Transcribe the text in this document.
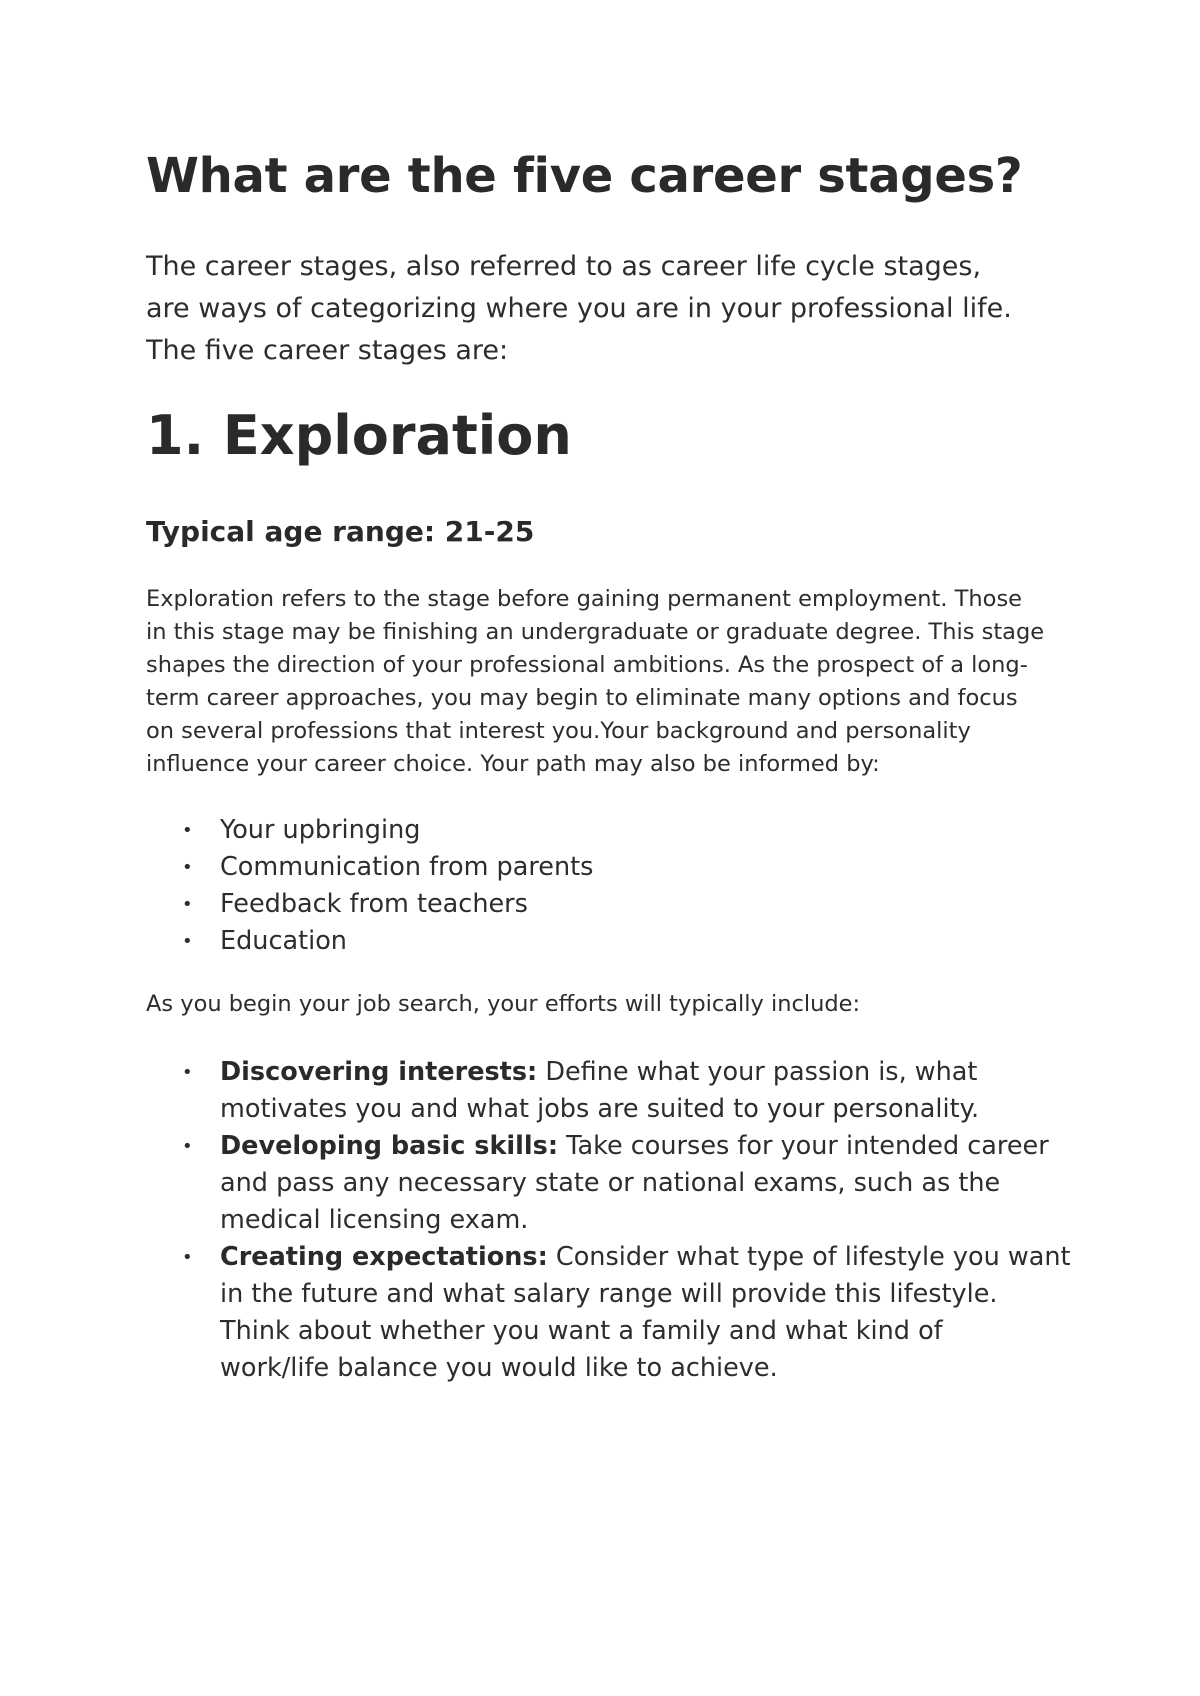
What are the five career stages?

The career stages, also referred to as career life cycle stages,
are ways of categorizing where you are in your professional life.
The five career stages are:

1. Exploration
Typical age range: 21-25

Exploration refers to the stage before gaining permanent employment. Those
in this stage may be finishing an undergraduate or graduate degree. This stage
shapes the direction of your professional ambitions. As the prospect of a long-
term career approaches, you may begin to eliminate many options and focus
on several professions that interest you.Your background and personality
influence your career choice. Your path may also be informed by:

• Your upbringing
• Communication from parents
• Feedback from teachers
• Education

As you begin your job search, your efforts will typically include:

• Discovering interests: Define what your passion is, what
motivates you and what jobs are suited to your personality.
• Developing basic skills: Take courses for your intended career
and pass any necessary state or national exams, such as the
medical licensing exam.
• Creating expectations: Consider what type of lifestyle you want
in the future and what salary range will provide this lifestyle.
Think about whether you want a family and what kind of
work/life balance you would like to achieve.
